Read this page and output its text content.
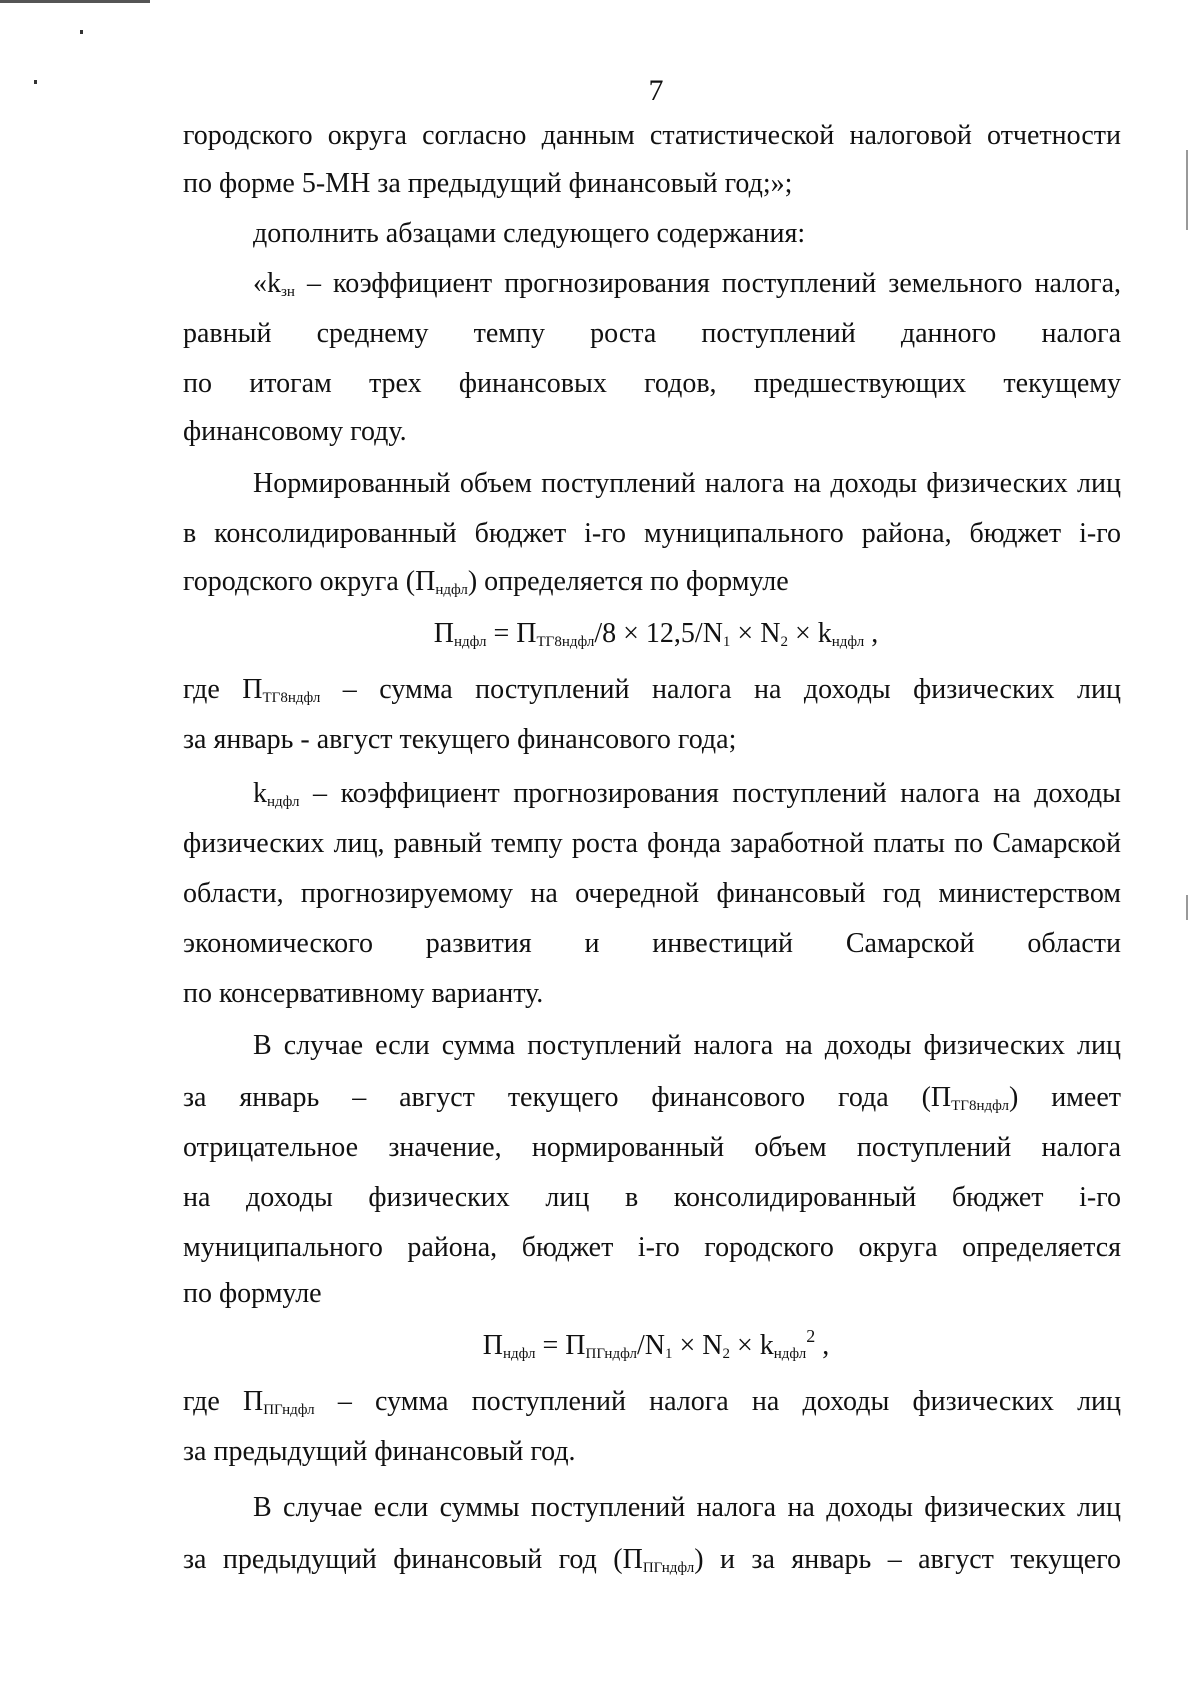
7
городского округа согласно данным статистической налоговой отчетности
по форме 5-МН за предыдущий финансовый год;»;
дополнить абзацами следующего содержания:
«$k_{зн}$ – коэффициент прогнозирования поступлений земельного налога,
равный среднему темпу роста поступлений данного налога
по итогам трех финансовых годов, предшествующих текущему
финансовому году.
Нормированный объем поступлений налога на доходы физических лиц
в консолидированный бюджет i-го муниципального района, бюджет i-го
городского округа $(П_{ндфл})$ определяется по формуле
$П_{ндфл} = П_{ТГ8ндфл}/8 \times 12,5/N_1 \times N_2 \times k_{ндфл}$ ,
где $П_{ТГ8ндфл}$ – сумма поступлений налога на доходы физических лиц
за январь - август текущего финансового года;
$k_{ндфл}$ – коэффициент прогнозирования поступлений налога на доходы
физических лиц, равный темпу роста фонда заработной платы по Самарской
области, прогнозируемому на очередной финансовый год министерством
экономического развития и инвестиций Самарской области
по консервативному варианту.
В случае если сумма поступлений налога на доходы физических лиц
за январь – август текущего финансового года $(П_{ТГ8ндфл})$ имеет
отрицательное значение, нормированный объем поступлений налога
на доходы физических лиц в консолидированный бюджет i-го
муниципального района, бюджет i-го городского округа определяется
по формуле
$П_{ндфл} = П_{ПГндфл}/N_1 \times N_2 \times k_{ндфл}^2$ ,
где $П_{ПГндфл}$ – сумма поступлений налога на доходы физических лиц
за предыдущий финансовый год.
В случае если суммы поступлений налога на доходы физических лиц
за предыдущий финансовый год $(П_{ПГндфл})$ и за январь – август текущего
